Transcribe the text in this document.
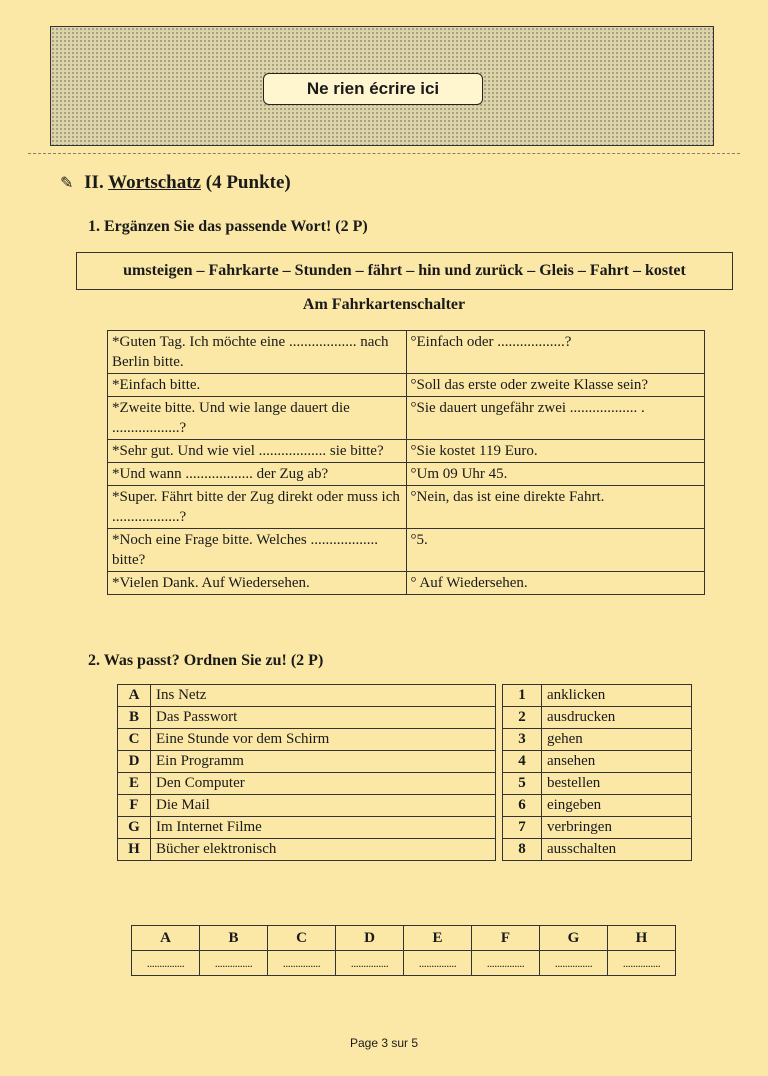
Ne rien écrire ici
✎ II. Wortschatz (4 Punkte)
1. Ergänzen Sie das passende Wort! (2 P)
umsteigen – Fahrkarte – Stunden – fährt – hin und zurück – Gleis – Fahrt – kostet
Am Fahrkartenschalter
*Guten Tag. Ich möchte eine .................. nach Berlin bitte.	°Einfach oder ..................?
*Einfach bitte.	°Soll das erste oder zweite Klasse sein?
*Zweite bitte. Und wie lange dauert die ..................?	°Sie dauert ungefähr zwei .................. .
*Sehr gut. Und wie viel .................. sie bitte?	°Sie kostet 119 Euro.
*Und wann .................. der Zug ab?	°Um 09 Uhr 45.
*Super. Fährt bitte der Zug direkt oder muss ich ..................?	°Nein, das ist eine direkte Fahrt.
*Noch eine Frage bitte. Welches .................. bitte?	°5.
*Vielen Dank. Auf Wiedersehen.	° Auf Wiedersehen.
2. Was passt? Ordnen Sie zu! (2 P)
A	Ins Netz		1	anklicken
B	Das Passwort		2	ausdrucken
C	Eine Stunde vor dem Schirm		3	gehen
D	Ein Programm		4	ansehen
E	Den Computer		5	bestellen
F	Die Mail		6	eingeben
G	Im Internet Filme		7	verbringen
H	Bücher elektronisch		8	ausschalten
A	B	C	D	E	F	G	H
...............	...............	...............	...............	...............	...............	...............	...............
Page 3 sur 5
